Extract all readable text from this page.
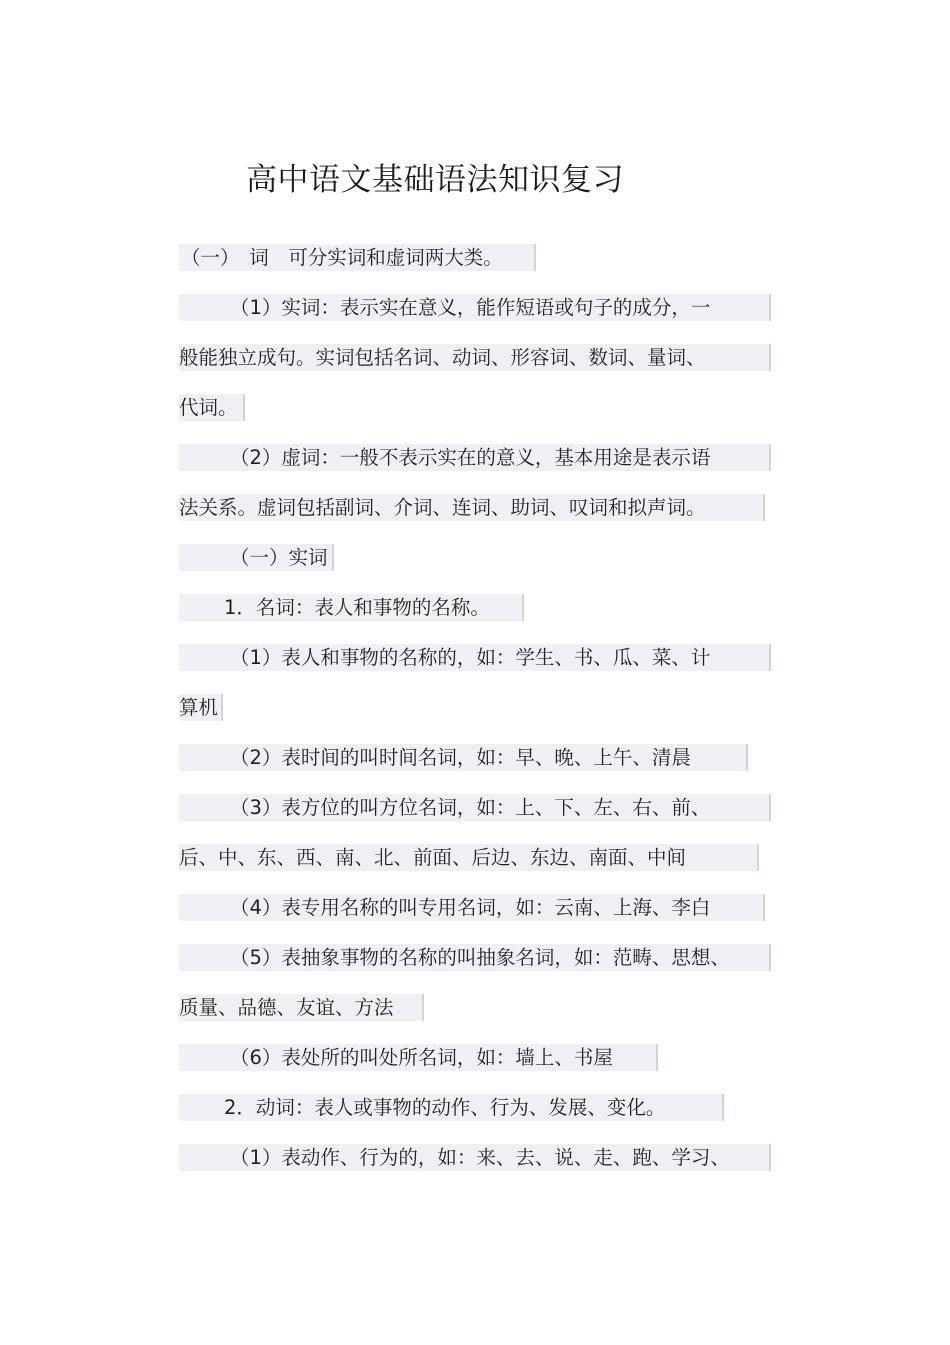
高中语文基础语法知识复习
（一）　词　可分实词和虚词两大类。
（1）实词：表示实在意义，能作短语或句子的成分，一
般能独立成句。实词包括名词、动词、形容词、数词、量词、
代词。
（2）虚词：一般不表示实在的意义，基本用途是表示语
法关系。虚词包括副词、介词、连词、助词、叹词和拟声词。
（一）实词
1．名词：表人和事物的名称。
（1）表人和事物的名称的，如：学生、书、瓜、菜、计
算机
（2）表时间的叫时间名词，如：早、晚、上午、清晨
（3）表方位的叫方位名词，如：上、下、左、右、前、
后、中、东、西、南、北、前面、后边、东边、南面、中间
（4）表专用名称的叫专用名词，如：云南、上海、李白
（5）表抽象事物的名称的叫抽象名词，如：范畴、思想、
质量、品德、友谊、方法
（6）表处所的叫处所名词，如：墙上、书屋
2．动词：表人或事物的动作、行为、发展、变化。
（1）表动作、行为的，如：来、去、说、走、跑、学习、
